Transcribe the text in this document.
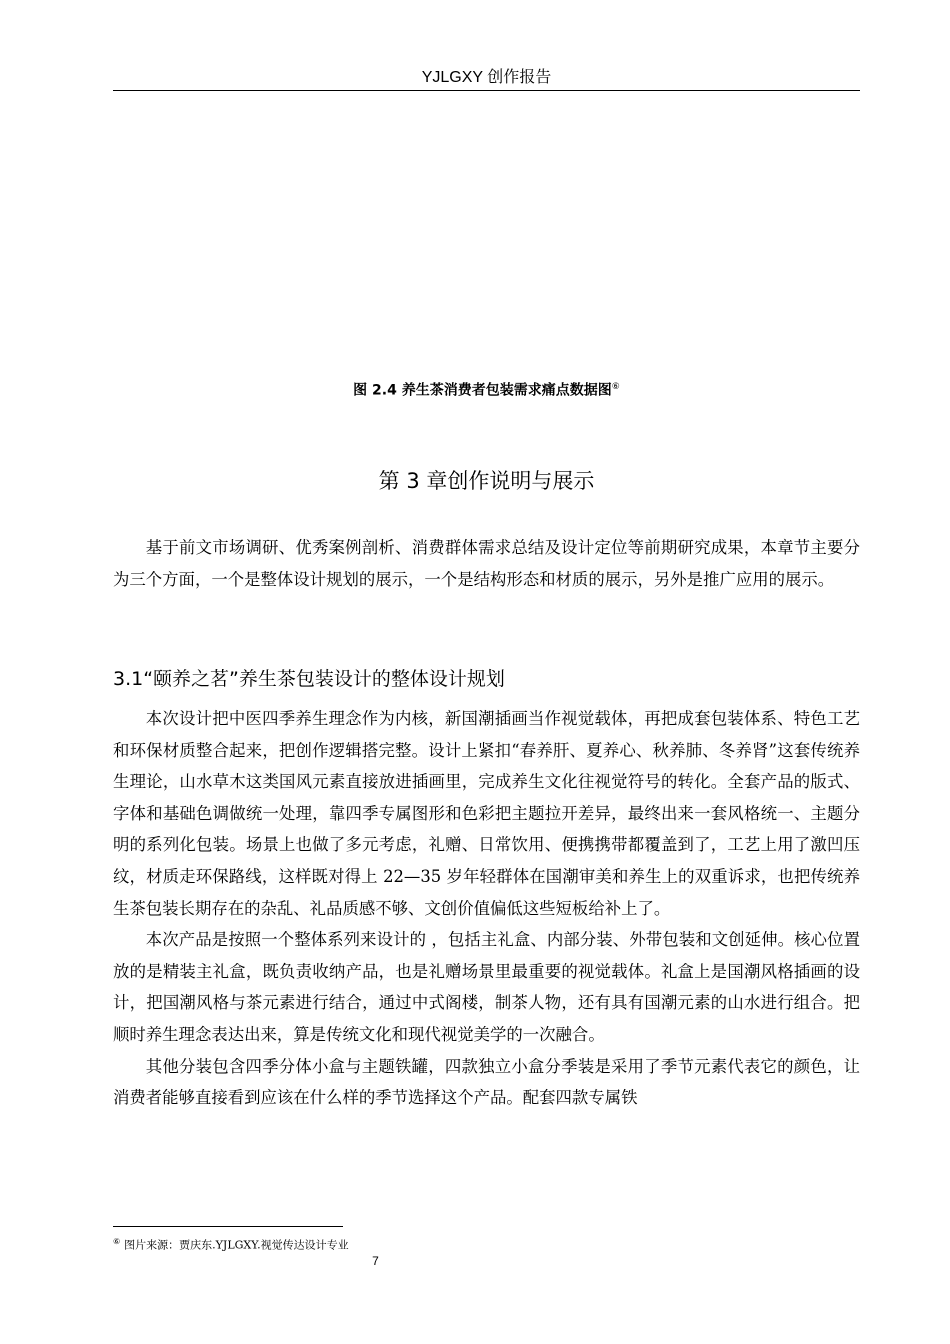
YJLGXY 创作报告
图 2.4 养生茶消费者包装需求痛点数据图⑥
第 3 章创作说明与展示

基于前文市场调研、优秀案例剖析、消费群体需求总结及设计定位等前期研究成果，本章节主要分为三个方面，一个是整体设计规划的展示，一个是结构形态和材质的展示，另外是推广应用的展示。

3.1“颐养之茗”养生茶包装设计的整体设计规划

本次设计把中医四季养生理念作为内核，新国潮插画当作视觉载体，再把成套包装体系、特色工艺和环保材质整合起来，把创作逻辑搭完整。设计上紧扣“春养肝、夏养心、秋养肺、冬养肾”这套传统养生理论，山水草木这类国风元素直接放进插画里，完成养生文化往视觉符号的转化。全套产品的版式、字体和基础色调做统一处理，靠四季专属图形和色彩把主题拉开差异，最终出来一套风格统一、主题分明的系列化包装。场景上也做了多元考虑，礼赠、日常饮用、便携携带都覆盖到了，工艺上用了激凹压纹，材质走环保路线，这样既对得上 22—35 岁年轻群体在国潮审美和养生上的双重诉求，也把传统养生茶包装长期存在的杂乱、礼品质感不够、文创价值偏低这些短板给补上了。

本次产品是按照一个整体系列来设计的 ，包括主礼盒、内部分装、外带包装和文创延伸。核心位置放的是精装主礼盒，既负责收纳产品，也是礼赠场景里最重要的视觉载体。礼盒上是国潮风格插画的设计，把国潮风格与茶元素进行结合，通过中式阁楼，制茶人物，还有具有国潮元素的山水进行组合。把顺时养生理念表达出来，算是传统文化和现代视觉美学的一次融合。

其他分装包含四季分体小盒与主题铁罐，四款独立小盒分季装是采用了季节元素代表它的颜色，让消费者能够直接看到应该在什么样的季节选择这个产品。配套四款专属铁

⑥ 图片来源：贾庆东.YJLGXY.视觉传达设计专业
7
